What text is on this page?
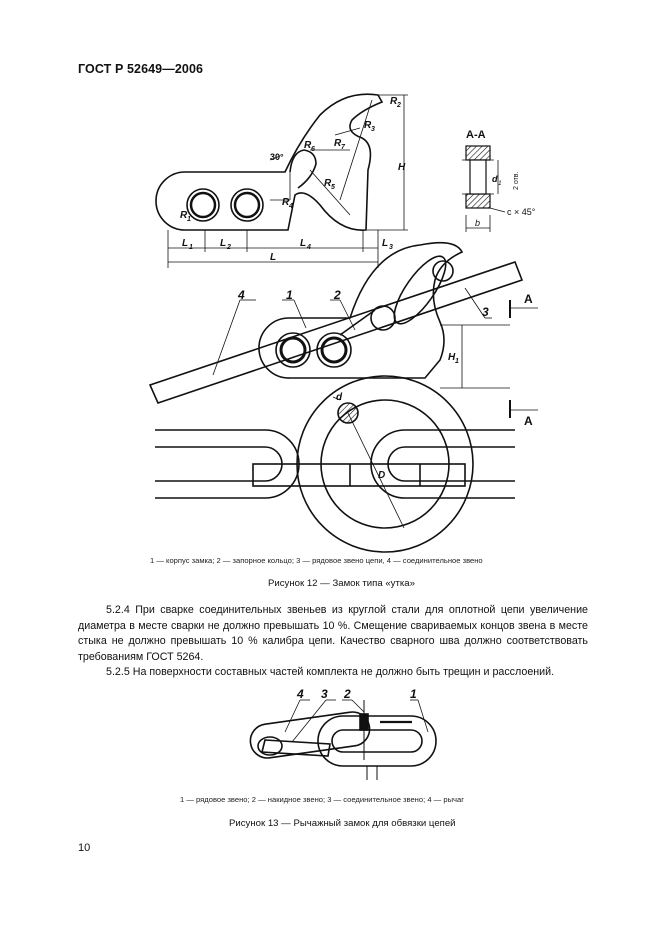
ГОСТ Р 52649—2006
R 2
R 3
R 6
R 7
R 5
R 4
R 1
30°
H
L 1	L 2	L 4	L 3
L
А-А
b
d 1
c × 45°
2 отв.
4	1	2
3
H 1
А
А
d
D
1 — корпус замка; 2 — запорное кольцо; 3 — рядовое звено цепи, 4 — соединительное звено
Рисунок 12 — Замок типа «утка»
5.2.4 При сварке соединительных звеньев из круглой стали для оплотной цепи увеличение диаметра в месте сварки не должно превышать 10 %. Смещение свариваемых концов звена в месте стыка не должно превышать 10 % калибра цепи. Качество сварного шва должно соответствовать требованиям ГОСТ 5264.
5.2.5 На поверхности составных частей комплекта не должно быть трещин и расслоений.
4 3 2	1
1 — рядовое звено; 2 — накидное звено; 3 — соединительное звено; 4 — рычаг
Рисунок 13 — Рычажный замок для обвязки цепей
10
